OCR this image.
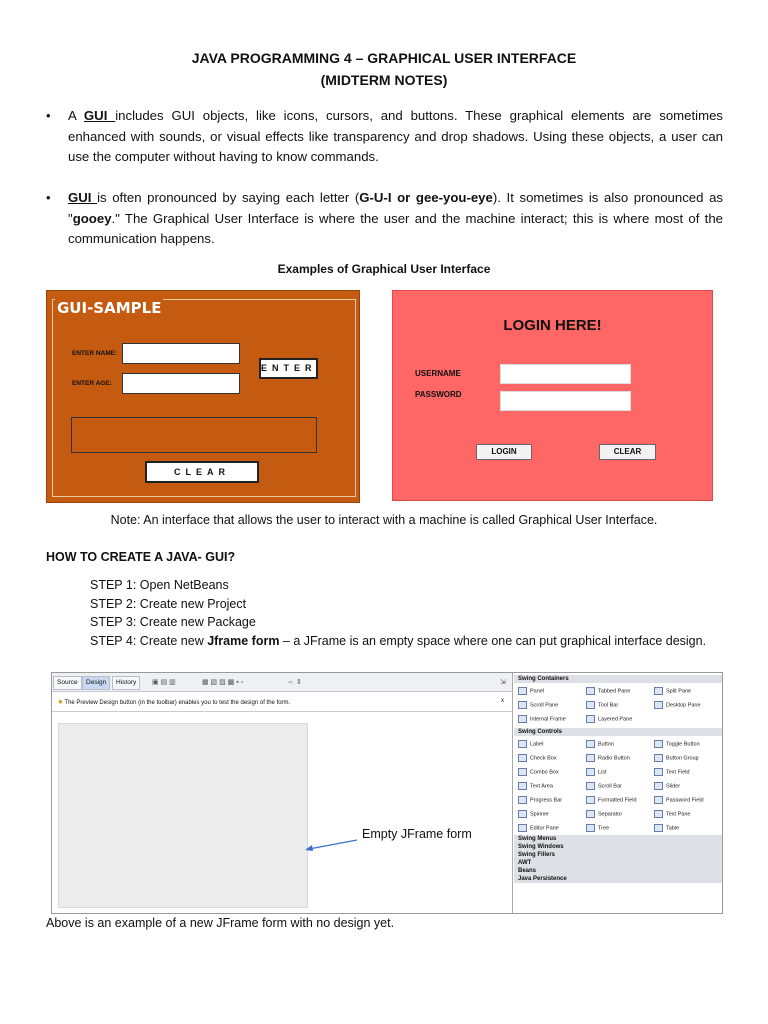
JAVA PROGRAMMING 4 – GRAPHICAL USER INTERFACE
(MIDTERM NOTES)
• A GUI includes GUI objects, like icons, cursors, and buttons. These graphical elements are sometimes enhanced with sounds, or visual effects like transparency and drop shadows. Using these objects, a user can use the computer without having to know commands.
• GUI is often pronounced by saying each letter (G-U-I or gee-you-eye). It sometimes is also pronounced as "gooey." The Graphical User Interface is where the user and the machine interact; this is where most of the communication happens.
Examples of Graphical User Interface
GUI-SAMPLE
ENTER NAME:
ENTER AGE:
ENTER
CLEAR
LOGIN HERE!
USERNAME
PASSWORD
LOGIN	CLEAR
Note: An interface that allows the user to interact with a machine is called Graphical User Interface.
HOW TO CREATE A JAVA- GUI?
STEP 1: Open NetBeans
STEP 2: Create new Project
STEP 3: Create new Package
STEP 4: Create new Jframe form – a JFrame is an empty space where one can put graphical interface design.
Source	Design	History	▣ ▤ ▥	▦ ▧ ▨ ▩ ▪ ▫	⇔ ⇕	⇲
● The Preview Design button (in the toolbar) enables you to test the design of the form.	x
Swing Containers
Panel	Tabbed Pane	Split Pane
Scroll Pane	Tool Bar	Desktop Pane
Internal Frame	Layered Pane
Swing Controls
Label	Button	Toggle Button
Check Box	Radio Button	Button Group
Combo Box	List	Text Field
Text Area	Scroll Bar	Slider
Progress Bar	Formatted Field	Password Field
Spinner	Separator	Text Pane
Editor Pane	Tree	Table
Swing Menus
Swing Windows
Swing Fillers
AWT
Beans
Java Persistence
Empty JFrame form
Above is an example of a new JFrame form with no design yet.
